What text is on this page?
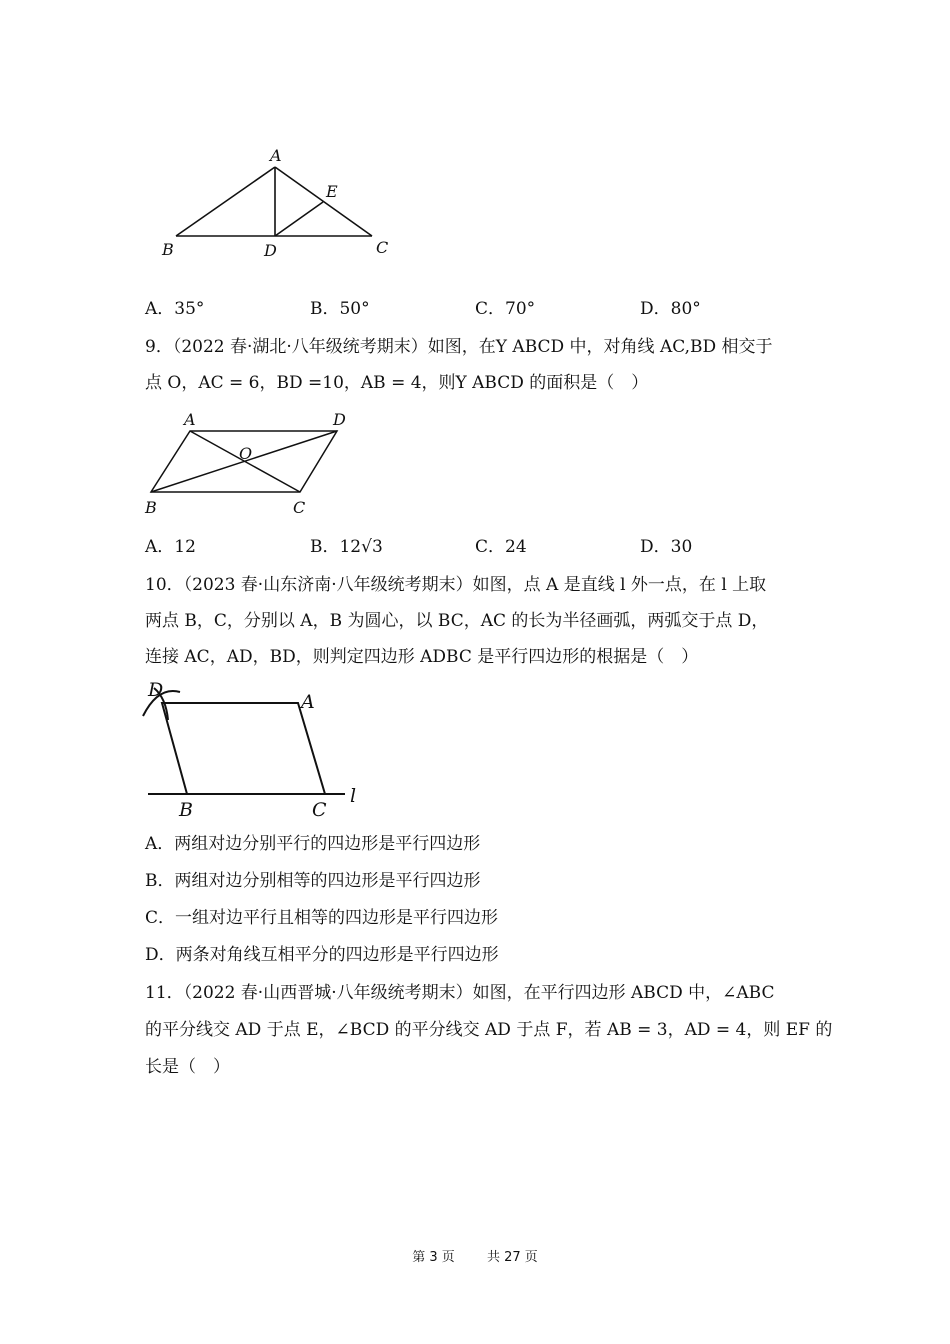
A
E
B	D	C
A．35°	B．50°	C．70°	D．80°
9．（2022 春·湖北·八年级统考期末）如图，在Y ABCD 中，对角线 AC,BD 相交于
点 O，AC = 6，BD =10，AB = 4，则Y ABCD 的面积是（　）
A	D
O
B	C
A．12	B．12√3	C．24	D．30
10．（2023 春·山东济南·八年级统考期末）如图，点 A 是直线 l 外一点，在 l 上取
两点 B，C，分别以 A，B 为圆心，以 BC，AC 的长为半径画弧，两弧交于点 D，
连接 AC，AD，BD，则判定四边形 ADBC 是平行四边形的根据是（　）
D
A
B	C
l
A．两组对边分别平行的四边形是平行四边形
B．两组对边分别相等的四边形是平行四边形
C．一组对边平行且相等的四边形是平行四边形
D．两条对角线互相平分的四边形是平行四边形
11．（2022 春·山西晋城·八年级统考期末）如图，在平行四边形 ABCD 中，∠ABC
的平分线交 AD 于点 E，∠BCD 的平分线交 AD 于点 F，若 AB = 3，AD = 4，则 EF 的
长是（　）
第 3 页 共 27 页
